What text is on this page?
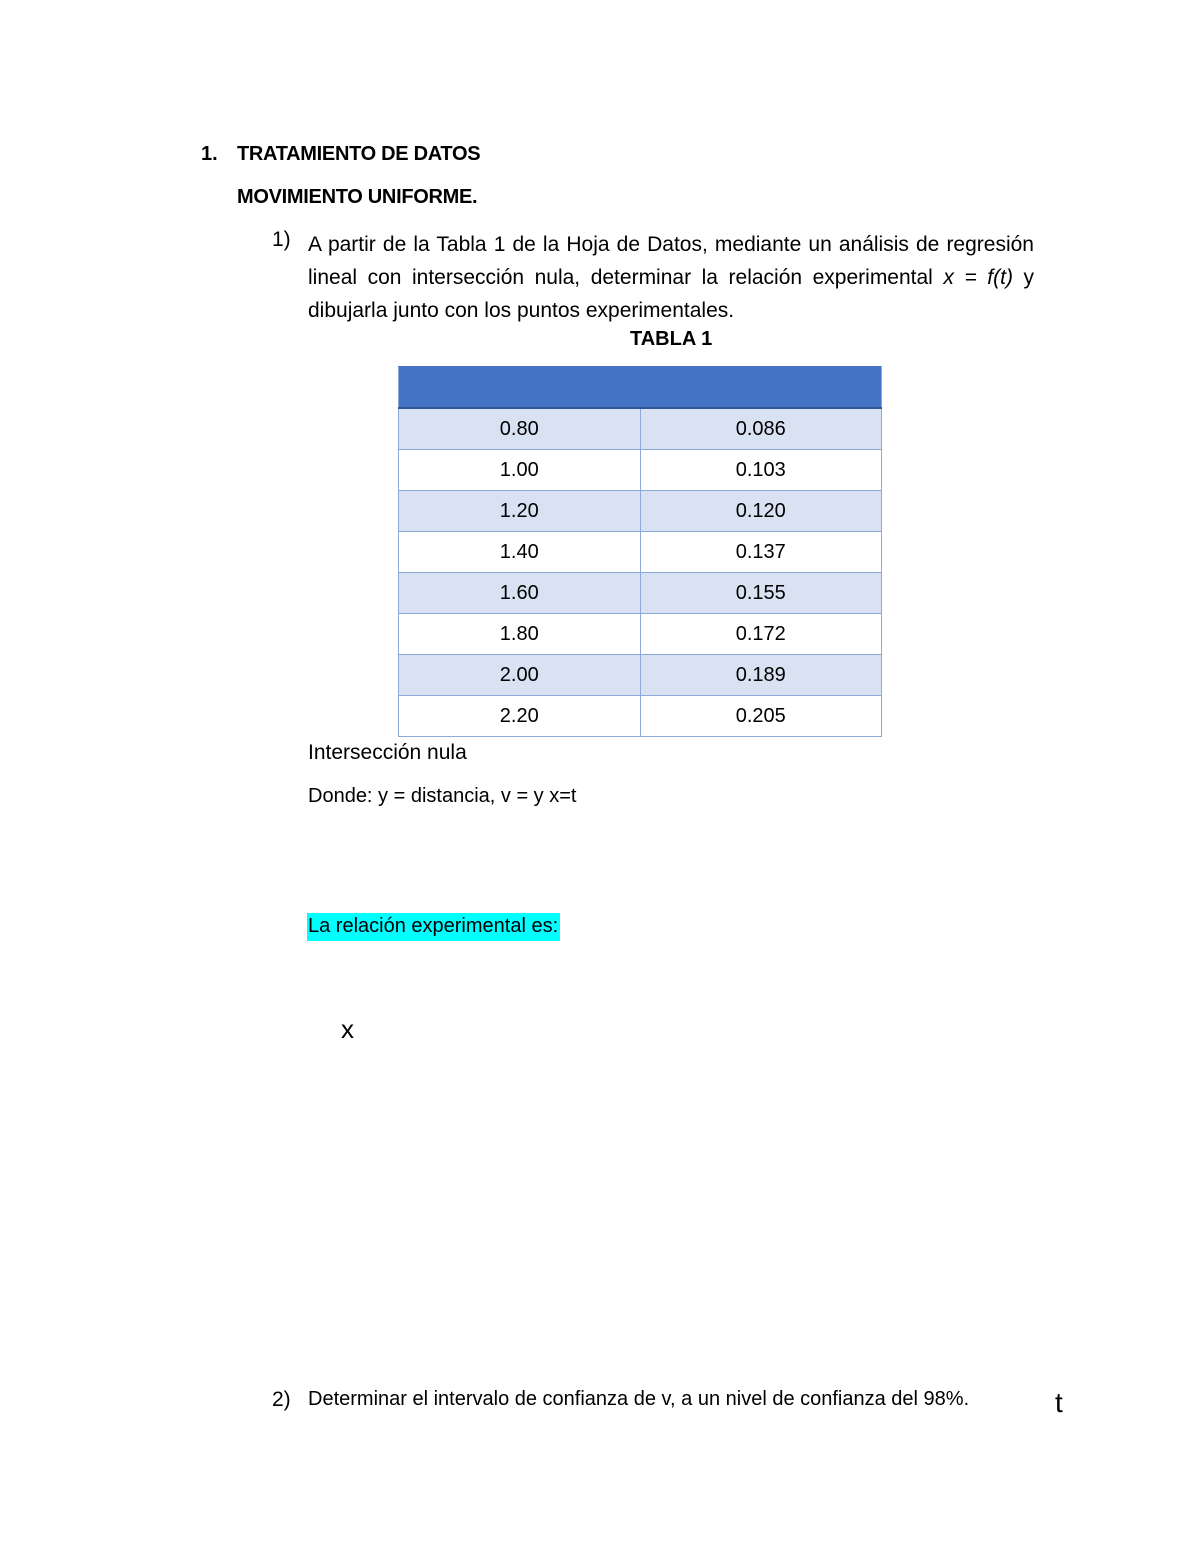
1. TRATAMIENTO DE DATOS
MOVIMIENTO UNIFORME.
1) A partir de la Tabla 1 de la Hoja de Datos, mediante un análisis de regresión
lineal con intersección nula, determinar la relación experimental x = f(t) y
dibujarla junto con los puntos experimentales.
TABLA 1

0.80	0.086
1.00	0.103
1.20	0.120
1.40	0.137
1.60	0.155
1.80	0.172
2.00	0.189
2.20	0.205
Intersección nula
Donde: y = distancia, v = y x=t
La relación experimental es:
x
2) Determinar el intervalo de confianza de v, a un nivel de confianza del 98%.	t
